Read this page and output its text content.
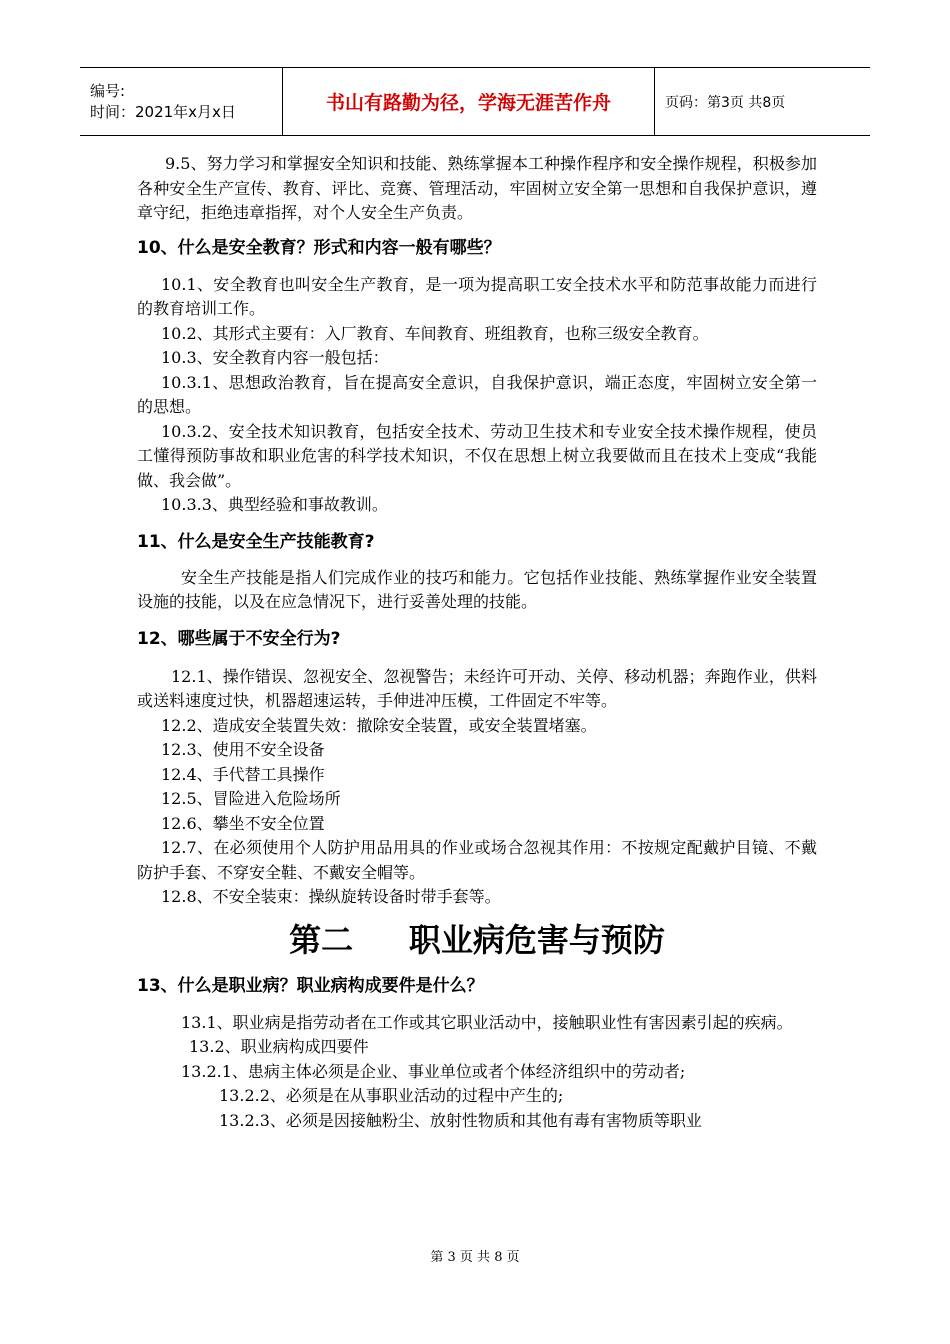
编号:
时间：2021年x月x日	书山有路勤为径，学海无涯苦作舟	页码：第3页 共8页

9.5、努力学习和掌握安全知识和技能、熟练掌握本工种操作程序和安全操作规程，积极参加各种安全生产宣传、教育、评比、竞赛、管理活动，牢固树立安全第一思想和自我保护意识，遵章守纪，拒绝违章指挥，对个人安全生产负责。

10、什么是安全教育？形式和内容一般有哪些？

10.1、安全教育也叫安全生产教育，是一项为提高职工安全技术水平和防范事故能力而进行的教育培训工作。

10.2、其形式主要有：入厂教育、车间教育、班组教育，也称三级安全教育。

10.3、安全教育内容一般包括：

10.3.1、思想政治教育，旨在提高安全意识，自我保护意识，端正态度，牢固树立安全第一的思想。

10.3.2、安全技术知识教育，包括安全技术、劳动卫生技术和专业安全技术操作规程，使员工懂得预防事故和职业危害的科学技术知识，不仅在思想上树立我要做而且在技术上变成“我能做、我会做”。

10.3.3、典型经验和事故教训。

11、什么是安全生产技能教育?

安全生产技能是指人们完成作业的技巧和能力。它包括作业技能、熟练掌握作业安全装置设施的技能，以及在应急情况下，进行妥善处理的技能。

12、哪些属于不安全行为?

12.1、操作错误、忽视安全、忽视警告；未经许可开动、关停、移动机器；奔跑作业，供料或送料速度过快，机器超速运转，手伸进冲压模，工件固定不牢等。

12.2、造成安全装置失效：撤除安全装置，或安全装置堵塞。

12.3、使用不安全设备

12.4、手代替工具操作

12.5、冒险进入危险场所

12.6、攀坐不安全位置

12.7、在必须使用个人防护用品用具的作业或场合忽视其作用：不按规定配戴护目镜、不戴防护手套、不穿安全鞋、不戴安全帽等。

12.8、不安全装束：操纵旋转设备时带手套等。

第二     职业病危害与预防

13、什么是职业病？职业病构成要件是什么？

13.1、职业病是指劳动者在工作或其它职业活动中，接触职业性有害因素引起的疾病。

13.2、职业病构成四要件

13.2.1、患病主体必须是企业、事业单位或者个体经济组织中的劳动者;

13.2.2、必须是在从事职业活动的过程中产生的;

13.2.3、必须是因接触粉尘、放射性物质和其他有毒有害物质等职业

第 3 页 共 8 页
